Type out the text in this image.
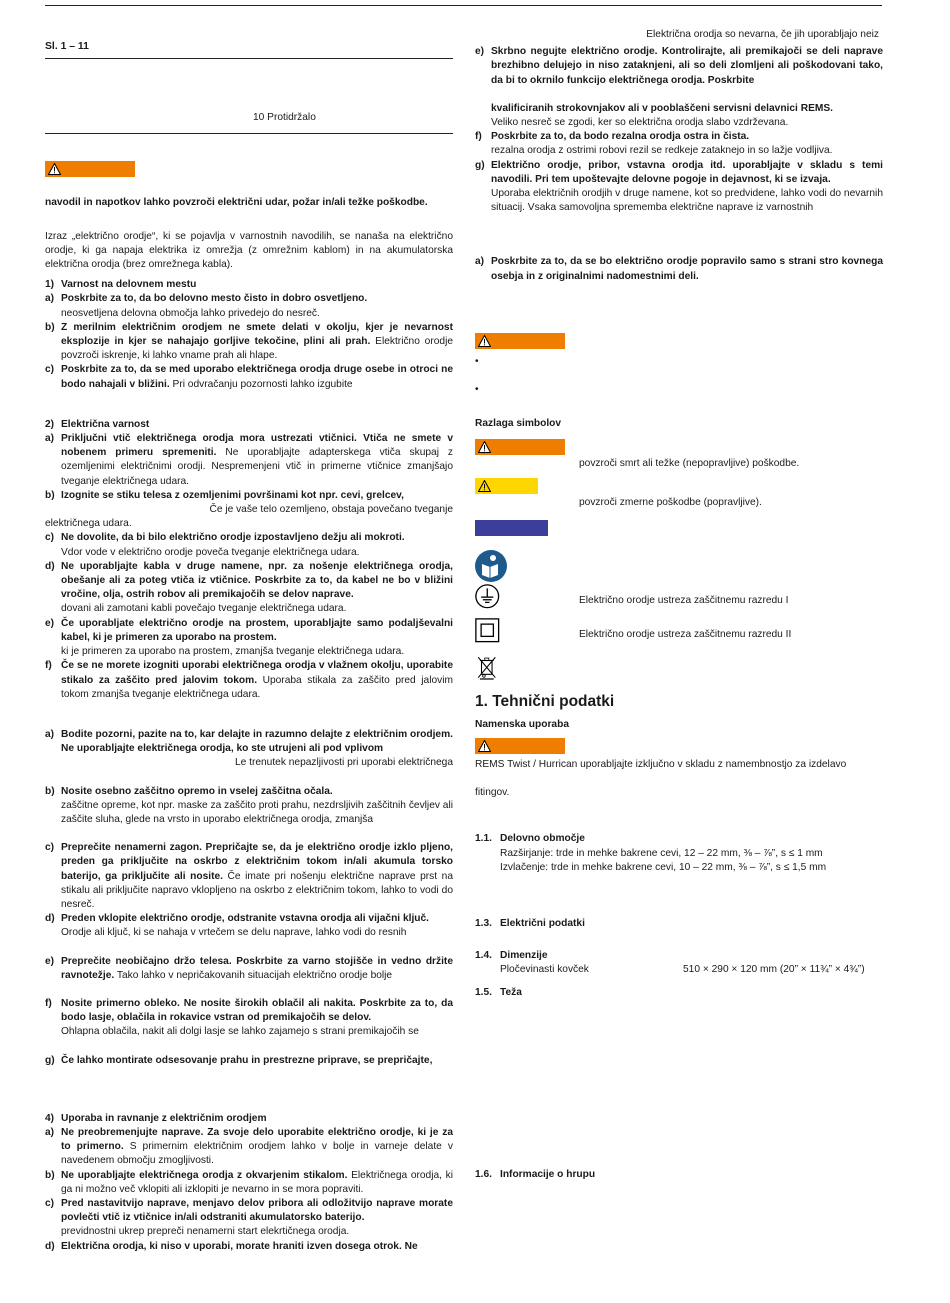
Sl. 1 – 11
10 Protidržalo
navodil in napotkov lahko povzroči električni udar, požar in/ali težke poškodbe.
Izraz „električno orodje“, ki se pojavlja v varnostnih navodilih, se nanaša na električno orodje, ki ga napaja elektrika iz omrežja (z omrežnim kablom) in na akumulatorska električna orodja (brez omrežnega kabla).
1) Varnost na delovnem mestu
a) Poskrbite za to, da bo delovno mesto čisto in dobro osvetljeno.
neosvetljena delovna območja lahko privedejo do nesreč.
b) Z merilnim električnim orodjem ne smete delati v okolju, kjer je nevarnost eksplozije in kjer se nahajajo gorljive tekočine, plini ali prah. Električno orodje povzroči iskrenje, ki lahko vname prah ali hlape.
c) Poskrbite za to, da se med uporabo električnega orodja druge osebe in otroci ne bodo nahajali v bližini. Pri odvračanju pozornosti lahko izgubite
2) Električna varnost
a) Priključni vtič električnega orodja mora ustrezati vtičnici. Vtiča ne smete v nobenem primeru spremeniti. Ne uporabljajte adapterskega vtiča skupaj z ozemljenimi električnimi orodji. Nespremenjeni vtič in primerne vtičnice zmanjšajo tveganje električnega udara.
b) Izognite se stiku telesa z ozemljenimi površinami kot npr. cevi, grelcev,
Če je vaše telo ozemljeno, obstaja povečano tveganje
električnega udara.
c) Ne dovolite, da bi bilo električno orodje izpostavljeno dežju ali mokroti.
Vdor vode v električno orodje poveča tveganje električnega udara.
d) Ne uporabljajte kabla v druge namene, npr. za nošenje električnega orodja, obešanje ali za poteg vtiča iz vtičnice. Poskrbite za to, da kabel ne bo v bližini vročine, olja, ostrih robov ali premikajočih se delov naprave.
dovani ali zamotani kabli povečajo tveganje električnega udara.
e) Če uporabljate električno orodje na prostem, uporabljajte samo podaljševalni kabel, ki je primeren za uporabo na prostem.
ki je primeren za uporabo na prostem, zmanjša tveganje električnega udara.
f) Če se ne morete izogniti uporabi električnega orodja v vlažnem okolju, uporabite stikalo za zaščito pred jalovim tokom. Uporaba stikala za zaščito pred jalovim tokom zmanjša tveganje električnega udara.
a) Bodite pozorni, pazite na to, kar delajte in razumno delajte z električnim orodjem. Ne uporabljajte električnega orodja, ko ste utrujeni ali pod vplivom
Le trenutek nepazljivosti pri uporabi električnega
b) Nosite osebno zaščitno opremo in vselej zaščitna očala.
zaščitne opreme, kot npr. maske za zaščito proti prahu, nezdrsljivih zaščitnih čevljev ali zaščite sluha, glede na vrsto in uporabo električnega orodja, zmanjša
c) Preprečite nenamerni zagon. Prepričajte se, da je električno orodje izklo pljeno, preden ga priključite na oskrbo z električnim tokom in/ali akumula torsko baterijo, ga priključite ali nosite. Če imate pri nošenju električne naprave prst na stikalu ali priključite napravo vklopljeno na oskrbo z električnim tokom, lahko to vodi do nesreč.
d) Preden vklopite električno orodje, odstranite vstavna orodja ali vijačni ključ.
Orodje ali ključ, ki se nahaja v vrtečem se delu naprave, lahko vodi do resnih
e) Preprečite neobičajno držo telesa. Poskrbite za varno stojišče in vedno držite ravnotežje. Tako lahko v nepričakovanih situacijah električno orodje bolje
f) Nosite primerno obleko. Ne nosite širokih oblačil ali nakita. Poskrbite za to, da bodo lasje, oblačila in rokavice vstran od premikajočih se delov.
Ohlapna oblačila, nakit ali dolgi lasje se lahko zajamejo s strani premikajočih se
g) Če lahko montirate odsesovanje prahu in prestrezne priprave, se prepričajte,
4) Uporaba in ravnanje z električnim orodjem
a) Ne preobremenjujte naprave. Za svoje delo uporabite električno orodje, ki je za to primerno. S primernim električnim orodjem lahko v bolje in varneje delate v navedenem območju zmogljivosti.
b) Ne uporabljajte električnega orodja z okvarjenim stikalom. Električnega orodja, ki ga ni možno več vklopiti ali izklopiti je nevarno in se mora popraviti.
c) Pred nastavitvijo naprave, menjavo delov pribora ali odložitvijo naprave morate povlečti vtič iz vtičnice in/ali odstraniti akumulatorsko baterijo.
previdnostni ukrep prepreči nenamerni start elekrtičnega orodja.
d) Električna orodja, ki niso v uporabi, morate hraniti izven dosega otrok. Ne
Električna orodja so nevarna, če jih uporabljajo neiz
e) Skrbno negujte električno orodje. Kontrolirajte, ali premikajoči se deli naprave brezhibno delujejo in niso zataknjeni, ali so deli zlomljeni ali poškodovani tako, da bi to okrnilo funkcijo električnega orodja. Poskrbite
kvalificiranih strokovnjakov ali v pooblaščeni servisni delavnici REMS.
Veliko nesreč se zgodi, ker so električna orodja slabo vzdrževana.
f) Poskrbite za to, da bodo rezalna orodja ostra in čista.
rezalna orodja z ostrimi robovi rezil se redkeje zataknejo in so lažje vodljiva.
g) Električno orodje, pribor, vstavna orodja itd. uporabljajte v skladu s temi navodili. Pri tem upoštevajte delovne pogoje in dejavnost, ki se izvaja.
Uporaba električnih orodjih v druge namene, kot so predvidene, lahko vodi do nevarnih situacij. Vsaka samovoljna sprememba električne naprave iz varnostnih
a) Poskrbite za to, da se bo električno orodje popravilo samo s strani stro kovnega osebja in z originalnimi nadomestnimi deli.
•
•
Razlaga simbolov
povzroči smrt ali težke (nepopravljive) poškodbe.
povzroči zmerne poškodbe (popravljive).
Električno orodje ustreza zaščitnemu razredu I
Električno orodje ustreza zaščitnemu razredu II
1. Tehnični podatki
Namenska uporaba
REMS Twist / Hurrican uporabljajte izključno v skladu z namembnostjo za izdelavo
fitingov.
1.1. Delovno območje
Razširjanje: trde in mehke bakrene cevi, 12 – 22 mm, ⅜ – ⅞”, s ≤ 1 mm
Izvlačenje: trde in mehke bakrene cevi, 10 – 22 mm, ⅜ – ⅞”, s ≤ 1,5 mm
1.3. Električni podatki
1.4. Dimenzije
Pločevinasti kovček	510 × 290 × 120 mm (20” × 11¾” × 4¾”)
1.5. Teža
1.6. Informacije o hrupu
